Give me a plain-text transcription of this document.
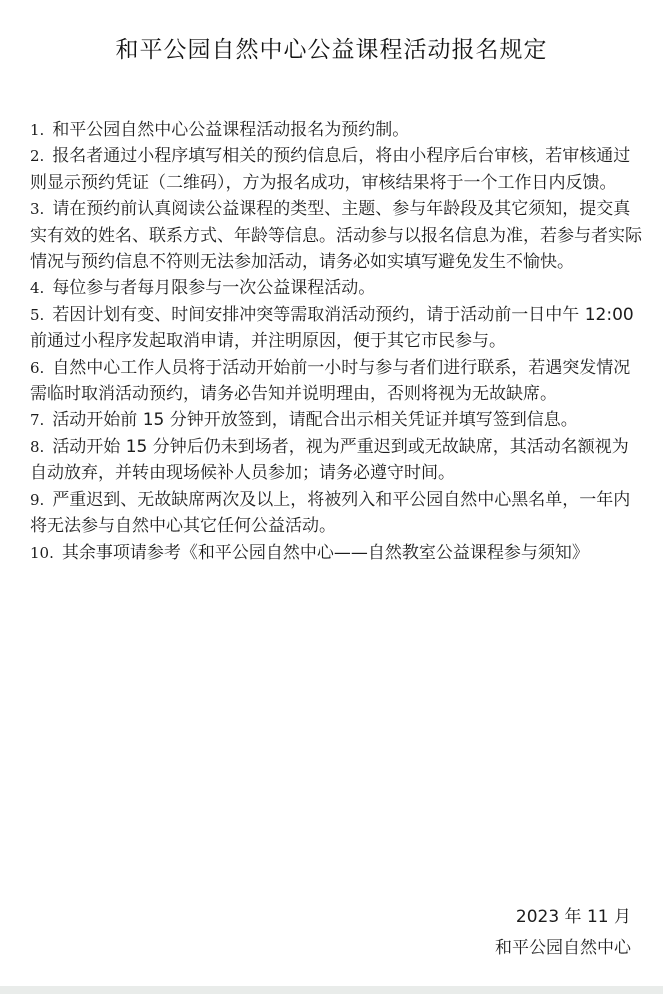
和平公园自然中心公益课程活动报名规定
1. 和平公园自然中心公益课程活动报名为预约制。
2. 报名者通过小程序填写相关的预约信息后，将由小程序后台审核，若审核通过则显示预约凭证（二维码），方为报名成功，审核结果将于一个工作日内反馈。
3. 请在预约前认真阅读公益课程的类型、主题、参与年龄段及其它须知，提交真实有效的姓名、联系方式、年龄等信息。活动参与以报名信息为准，若参与者实际情况与预约信息不符则无法参加活动，请务必如实填写避免发生不愉快。
4. 每位参与者每月限参与一次公益课程活动。
5. 若因计划有变、时间安排冲突等需取消活动预约，请于活动前一日中午 12:00 前通过小程序发起取消申请，并注明原因，便于其它市民参与。
6. 自然中心工作人员将于活动开始前一小时与参与者们进行联系，若遇突发情况需临时取消活动预约，请务必告知并说明理由，否则将视为无故缺席。
7. 活动开始前 15 分钟开放签到，请配合出示相关凭证并填写签到信息。
8. 活动开始 15 分钟后仍未到场者，视为严重迟到或无故缺席，其活动名额视为自动放弃，并转由现场候补人员参加；请务必遵守时间。
9. 严重迟到、无故缺席两次及以上，将被列入和平公园自然中心黑名单，一年内将无法参与自然中心其它任何公益活动。
10. 其余事项请参考《和平公园自然中心——自然教室公益课程参与须知》
2023 年 11 月
和平公园自然中心
